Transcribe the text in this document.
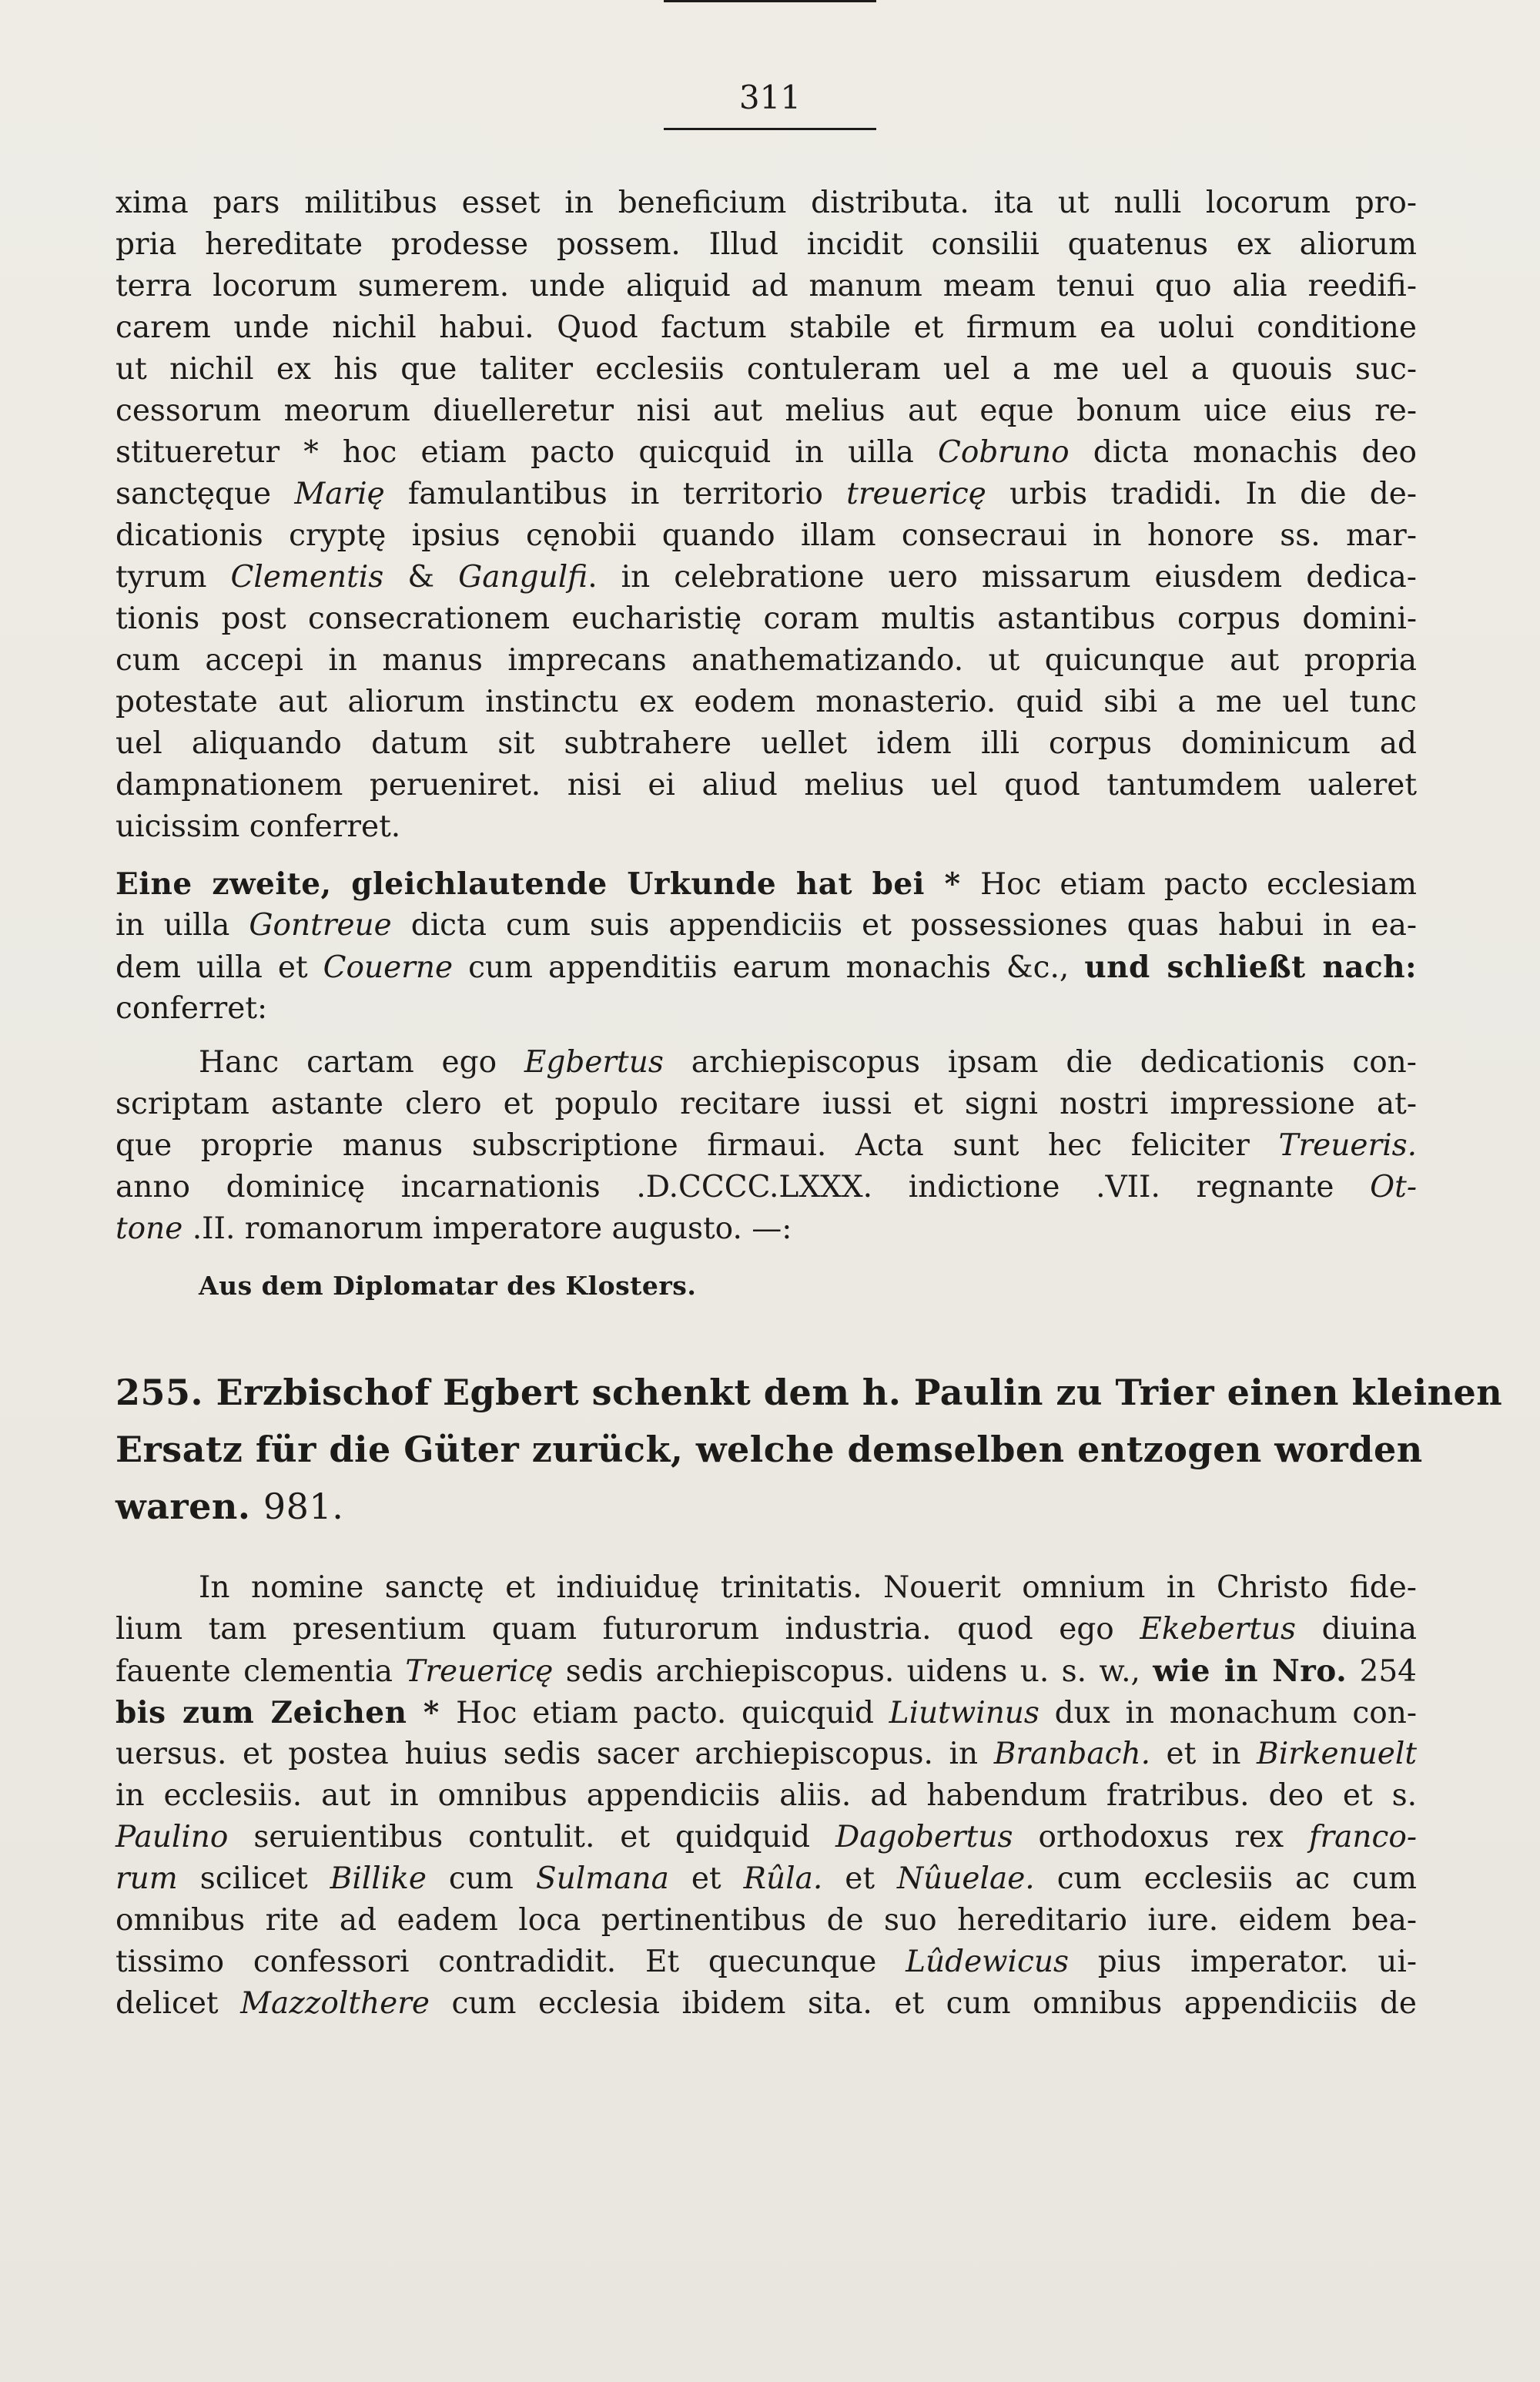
311
xima pars militibus esset in beneficium distributa. ita ut nulli locorum pro-
pria hereditate prodesse possem. Illud incidit consilii quatenus ex aliorum
terra locorum sumerem. unde aliquid ad manum meam tenui quo alia reedifi-
carem unde nichil habui. Quod factum stabile et firmum ea uolui conditione
ut nichil ex his que taliter ecclesiis contuleram uel a me uel a quouis suc-
cessorum meorum diuelleretur nisi aut melius aut eque bonum uice eius re-
stitueretur * hoc etiam pacto quicquid in uilla Cobruno dicta monachis deo
sanctęque Marię famulantibus in territorio treuericę urbis tradidi. In die de-
dicationis cryptę ipsius cęnobii quando illam consecraui in honore ss. mar-
tyrum Clementis & Gangulfi. in celebratione uero missarum eiusdem dedica-
tionis post consecrationem eucharistię coram multis astantibus corpus domini-
cum accepi in manus imprecans anathematizando. ut quicunque aut propria
potestate aut aliorum instinctu ex eodem monasterio. quid sibi a me uel tunc
uel aliquando datum sit subtrahere uellet idem illi corpus dominicum ad
dampnationem perueniret. nisi ei aliud melius uel quod tantumdem ualeret
uicissim conferret.
Eine zweite, gleichlautende Urkunde hat bei * Hoc etiam pacto ecclesiam
in uilla Gontreue dicta cum suis appendiciis et possessiones quas habui in ea-
dem uilla et Couerne cum appenditiis earum monachis &c., und schließt nach:
conferret:
Hanc cartam ego Egbertus archiepiscopus ipsam die dedicationis con-
scriptam astante clero et populo recitare iussi et signi nostri impressione at-
que proprie manus subscriptione firmaui. Acta sunt hec feliciter Treueris.
anno dominicę incarnationis .D.CCCC.LXXX. indictione .VII. regnante Ot-
tone .II. romanorum imperatore augusto. —:
Aus dem Diplomatar des Klosters.
255. Erzbischof Egbert schenkt dem h. Paulin zu Trier einen kleinen
Ersatz für die Güter zurück, welche demselben entzogen worden
waren. 981.
In nomine sanctę et indiuiduę trinitatis. Nouerit omnium in Christo fide-
lium tam presentium quam futurorum industria. quod ego Ekebertus diuina
fauente clementia Treuericę sedis archiepiscopus. uidens u. s. w., wie in Nro. 254
bis zum Zeichen * Hoc etiam pacto. quicquid Liutwinus dux in monachum con-
uersus. et postea huius sedis sacer archiepiscopus. in Branbach. et in Birkenuelt
in ecclesiis. aut in omnibus appendiciis aliis. ad habendum fratribus. deo et s.
Paulino seruientibus contulit. et quidquid Dagobertus orthodoxus rex franco-
rum scilicet Billike cum Sulmana et Rûla. et Nûuelae. cum ecclesiis ac cum
omnibus rite ad eadem loca pertinentibus de suo hereditario iure. eidem bea-
tissimo confessori contradidit. Et quecunque Lûdewicus pius imperator. ui-
delicet Mazzolthere cum ecclesia ibidem sita. et cum omnibus appendiciis de
